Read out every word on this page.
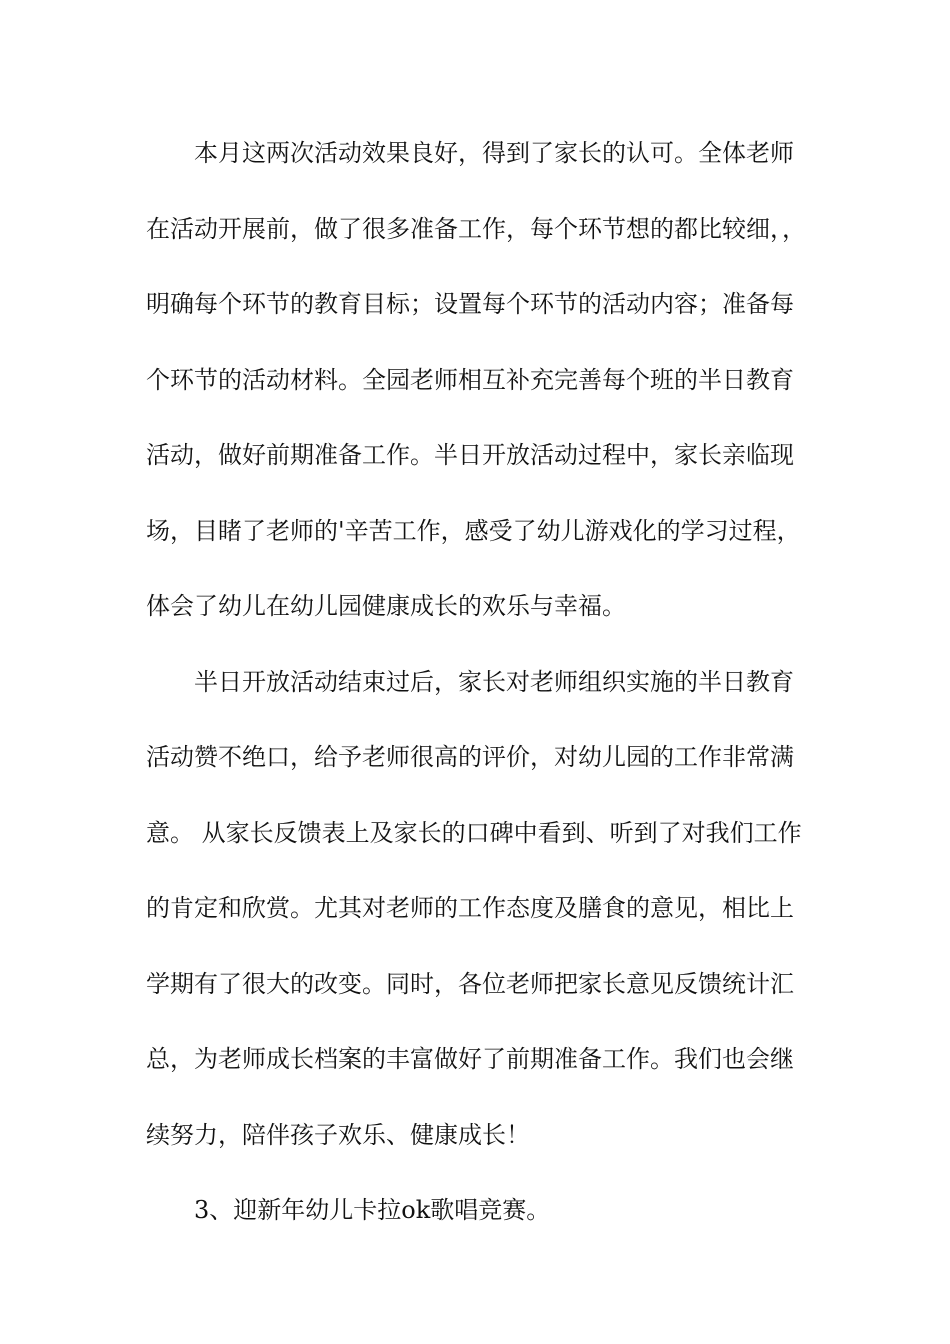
本月这两次活动效果良好，得到了家长的认可。全体老师
在活动开展前，做了很多准备工作，每个环节想的都比较细，，
明确每个环节的教育目标；设置每个环节的活动内容；准备每
个环节的活动材料。全园老师相互补充完善每个班的半日教育
活动，做好前期准备工作。半日开放活动过程中，家长亲临现
场，目睹了老师的'辛苦工作，感受了幼儿游戏化的学习过程，
体会了幼儿在幼儿园健康成长的欢乐与幸福。
半日开放活动结束过后，家长对老师组织实施的半日教育
活动赞不绝口，给予老师很高的评价，对幼儿园的工作非常满
意。 从家长反馈表上及家长的口碑中看到、听到了对我们工作
的肯定和欣赏。尤其对老师的工作态度及膳食的意见，相比上
学期有了很大的改变。同时，各位老师把家长意见反馈统计汇
总，为老师成长档案的丰富做好了前期准备工作。我们也会继
续努力，陪伴孩子欢乐、健康成长！
3、迎新年幼儿卡拉ok歌唱竞赛。
